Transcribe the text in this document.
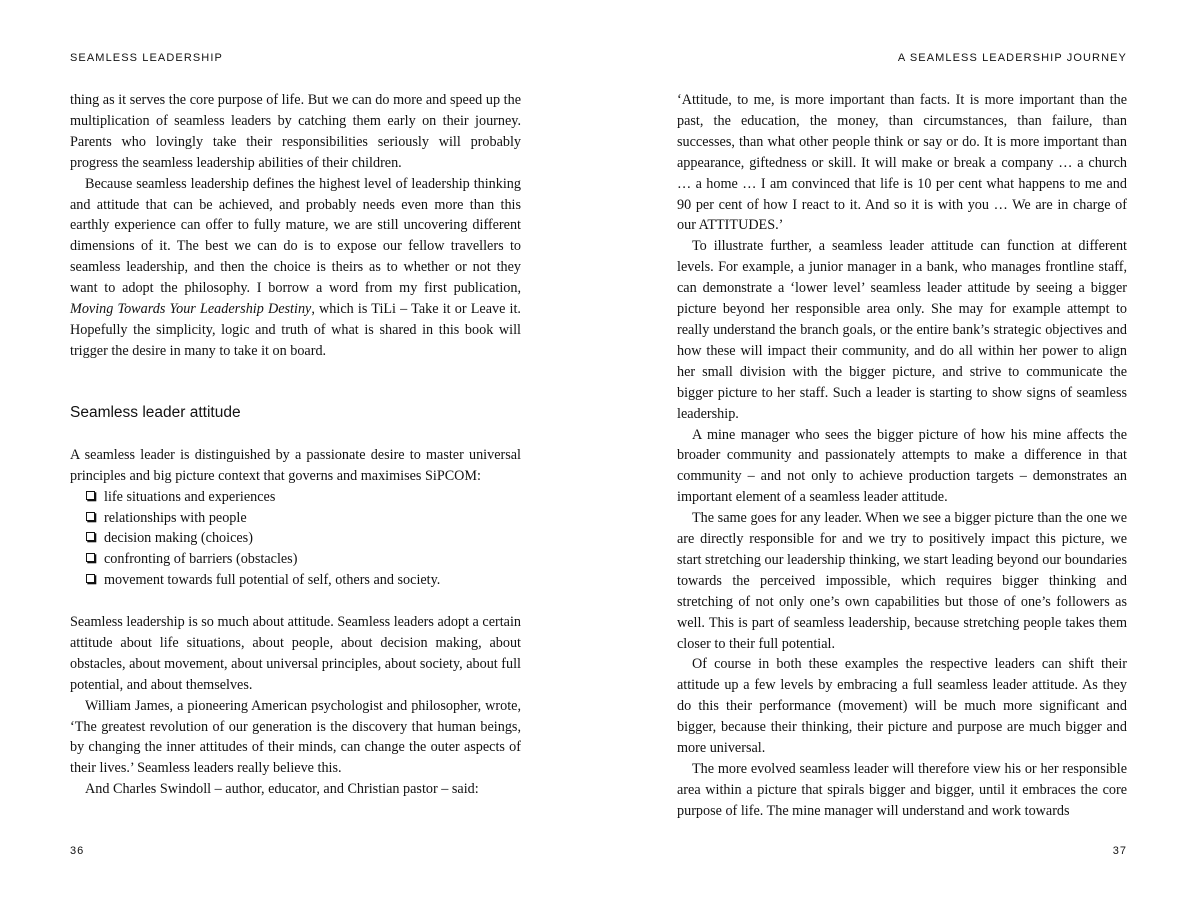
SEAMLESS LEADERSHIP

thing as it serves the core purpose of life. But we can do more and speed up the multiplication of seamless leaders by catching them early on their journey. Parents who lovingly take their responsibilities seriously will probably progress the seamless leadership abilities of their children.

Because seamless leadership defines the highest level of leadership thinking and attitude that can be achieved, and probably needs even more than this earthly experience can offer to fully mature, we are still uncovering different dimensions of it. The best we can do is to expose our fellow travellers to seamless leadership, and then the choice is theirs as to whether or not they want to adopt the philosophy. I borrow a word from my first publication, Moving Towards Your Leadership Destiny, which is TiLi – Take it or Leave it. Hopefully the simplicity, logic and truth of what is shared in this book will trigger the desire in many to take it on board.

Seamless leader attitude

A seamless leader is distinguished by a passionate desire to master universal principles and big picture context that governs and maximises SiPCOM:

life situations and experiences
relationships with people
decision making (choices)
confronting of barriers (obstacles)
movement towards full potential of self, others and society.

Seamless leadership is so much about attitude. Seamless leaders adopt a certain attitude about life situations, about people, about decision making, about obstacles, about movement, about universal principles, about society, about full potential, and about themselves.

William James, a pioneering American psychologist and philosopher, wrote, ‘The greatest revolution of our generation is the discovery that human beings, by changing the inner attitudes of their minds, can change the outer aspects of their lives.’ Seamless leaders really believe this.

And Charles Swindoll – author, educator, and Christian pastor – said:

36
A SEAMLESS LEADERSHIP JOURNEY

‘Attitude, to me, is more important than facts. It is more important than the past, the education, the money, than circumstances, than failure, than successes, than what other people think or say or do. It is more important than appearance, giftedness or skill. It will make or break a company … a church … a home … I am convinced that life is 10 per cent what happens to me and 90 per cent of how I react to it. And so it is with you … We are in charge of our ATTITUDES.’

To illustrate further, a seamless leader attitude can function at different levels. For example, a junior manager in a bank, who manages frontline staff, can demonstrate a ‘lower level’ seamless leader attitude by seeing a bigger picture beyond her responsible area only. She may for example attempt to really understand the branch goals, or the entire bank’s strategic objectives and how these will impact their community, and do all within her power to align her small division with the bigger picture, and strive to communicate the bigger picture to her staff. Such a leader is starting to show signs of seamless leadership.

A mine manager who sees the bigger picture of how his mine affects the broader community and passionately attempts to make a difference in that community – and not only to achieve production targets – demonstrates an important element of a seamless leader attitude.

The same goes for any leader. When we see a bigger picture than the one we are directly responsible for and we try to positively impact this picture, we start stretching our leadership thinking, we start leading beyond our boundaries towards the perceived impossible, which requires bigger thinking and stretching of not only one’s own capabilities but those of one’s followers as well. This is part of seamless leadership, because stretching people takes them closer to their full potential.

Of course in both these examples the respective leaders can shift their attitude up a few levels by embracing a full seamless leader attitude. As they do this their performance (movement) will be much more significant and bigger, because their thinking, their picture and purpose are much bigger and more universal.

The more evolved seamless leader will therefore view his or her responsible area within a picture that spirals bigger and bigger, until it embraces the core purpose of life. The mine manager will understand and work towards

37
